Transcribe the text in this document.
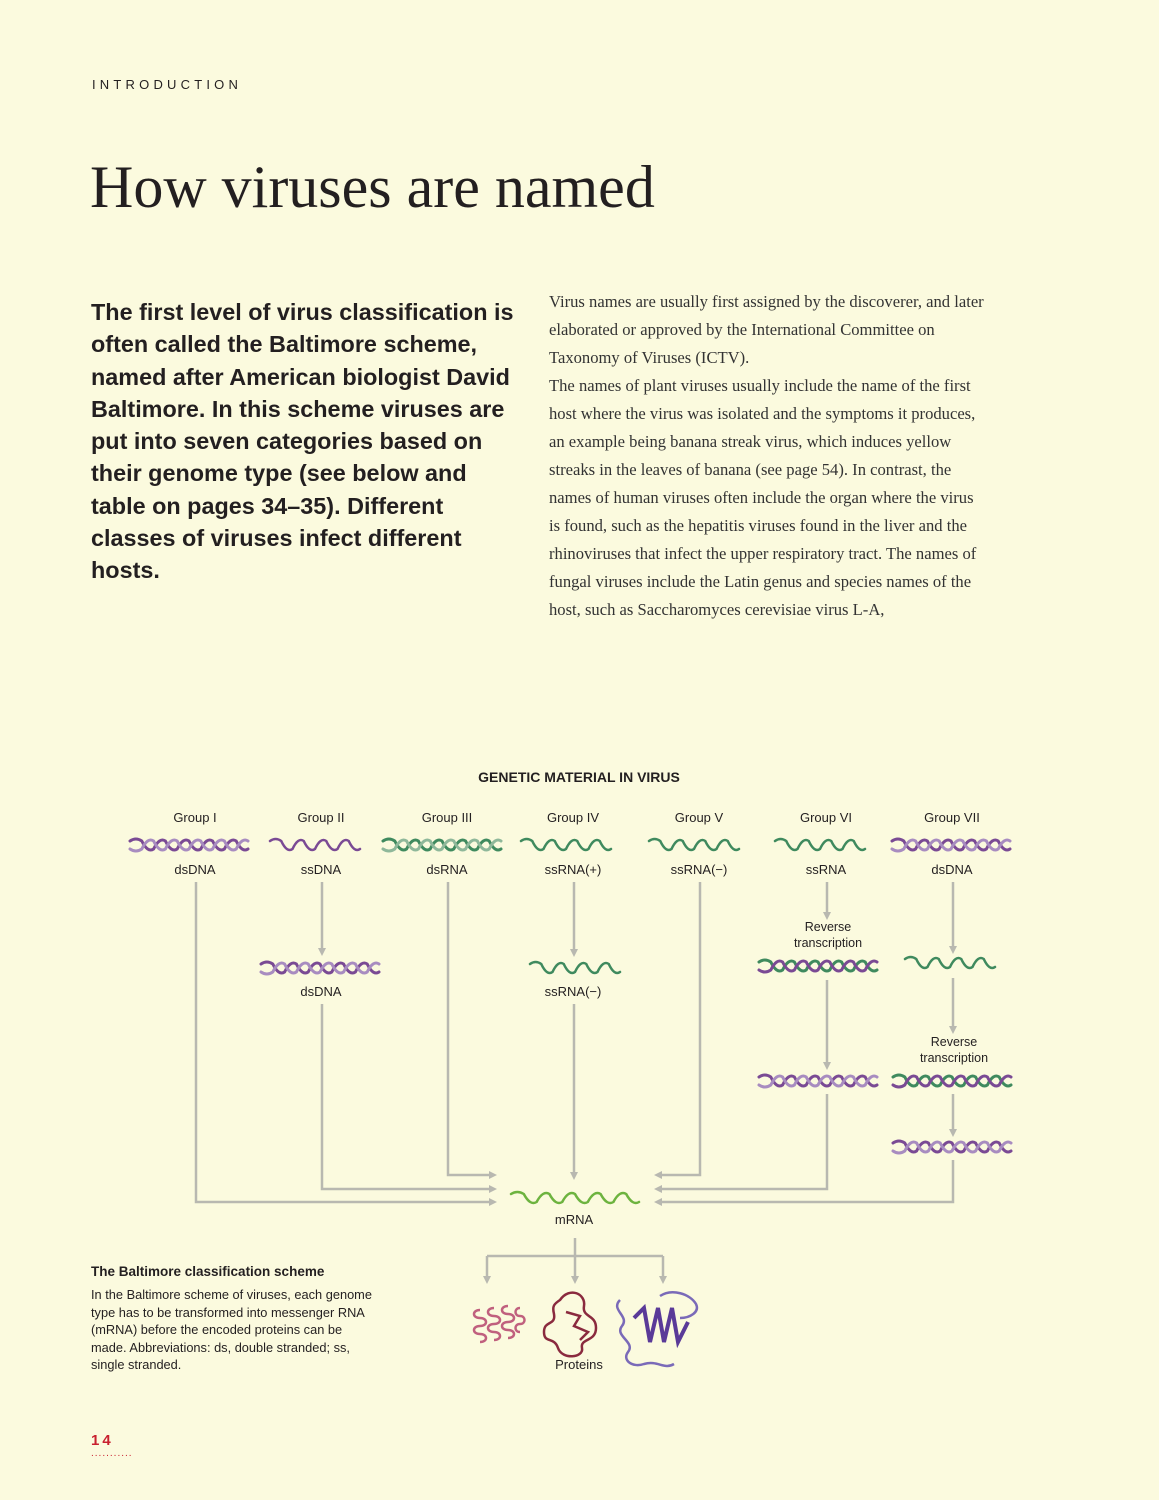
INTRODUCTION
How viruses are named
The first level of virus classification is often called the Baltimore scheme, named after American biologist David Baltimore. In this scheme viruses are put into seven categories based on their genome type (see below and table on pages 34–35). Different classes of viruses infect different hosts.

Virus names are usually first assigned by the discoverer, and later elaborated or approved by the International Committee on Taxonomy of Viruses (ICTV).

The names of plant viruses usually include the name of the first host where the virus was isolated and the symptoms it produces, an example being banana streak virus, which induces yellow streaks in the leaves of banana (see page 54). In contrast, the names of human viruses often include the organ where the virus is found, such as the hepatitis viruses found in the liver and the rhinoviruses that infect the upper respiratory tract. The names of fungal viruses include the Latin genus and species names of the host, such as Saccharomyces cerevisiae virus L-A,

GENETIC MATERIAL IN VIRUS
Group I	Group II	Group III	Group IV	Group V	Group VI	Group VII
dsDNA	ssDNA	dsRNA	ssRNA(+)	ssRNA(−)	ssRNA	dsDNA
dsDNA	ssRNA(−)
Reverse
transcription
Reverse
transcription
mRNA
Proteins
The Baltimore classification scheme
In the Baltimore scheme of viruses, each genome type has to be transformed into messenger RNA (mRNA) before the encoded proteins can be made. Abbreviations: ds, double stranded; ss, single stranded.
14
...........
